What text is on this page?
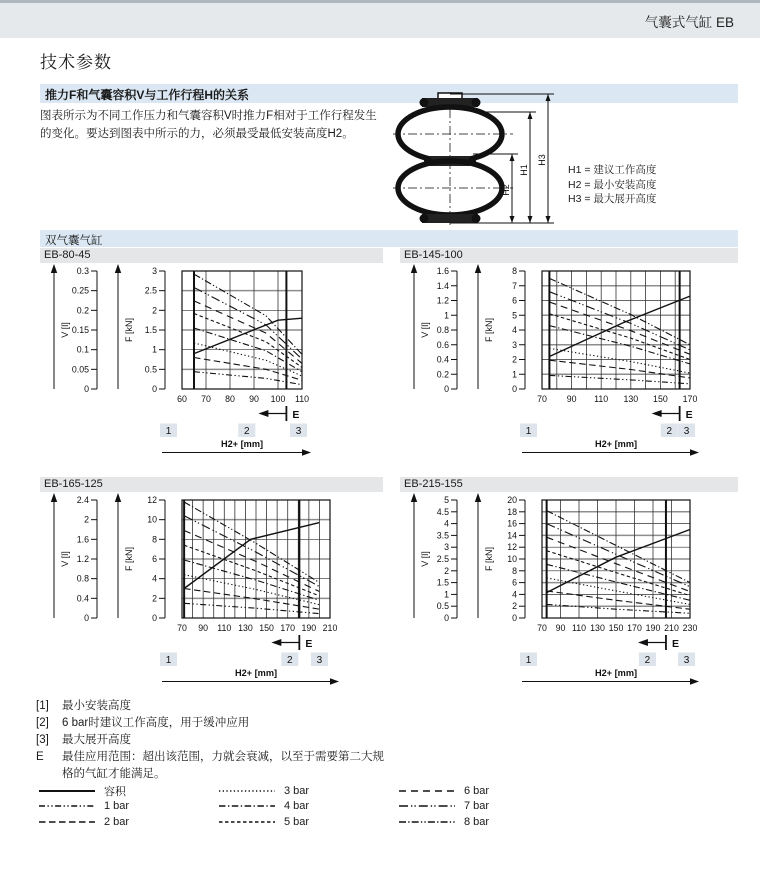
气囊式气缸 EB
技术参数
推力F和气囊容积V与工作行程H的关系
图表所示为不同工作压力和气囊容积V时推力F相对于工作行程发生
的变化。要达到图表中所示的力，必须最受最低安装高度H2。
H2
H1
H3
H1 = 建议工作高度
H2 = 最小安装高度
H3 = 最大展开高度
双气囊气缸
EB-80-45	EB-145-100
EB-165-125	EB-215-155
V [l]
0
0.05
0.1
0.15
0.2
0.25
0.3
F [kN]
0
0.5
1
1.5
2
2.5
3
60 70 80 90 100 110
E
1	2	3
H2+ [mm]
V [l]
0
0.2
0.4
0.6
0.8
1
1.2
1.4
1.6
F [kN]
0
1
2
3
4
5
6
7
8
70 90 110 130 150 170
E
1	2 3
H2+ [mm]
V [l]
0
0.4
0.8
1.2
1.6
2
2.4
F [kN]
0
2
4
6
8
10
12
70 90 110 130 150 170 190 210
E
1	2 3
H2+ [mm]
V [l]
0
0.5
1
1.5
2
2.5
3
3.5
4
4.5
5
F [kN]
0
2
4
6
8
10
12
14
16
18
20
70 90 110 130 150 170 190 210 230
E
1	2	3
H2+ [mm]
[1]	最小安装高度
[2]	6 bar时建议工作高度，用于缓冲应用
[3]	最大展开高度
E	最佳应用范围：超出该范围，力就会衰减，以至于需要第二大规
格的气缸才能满足。
容积
1 bar
2 bar
3 bar
4 bar
5 bar
6 bar
7 bar
8 bar
